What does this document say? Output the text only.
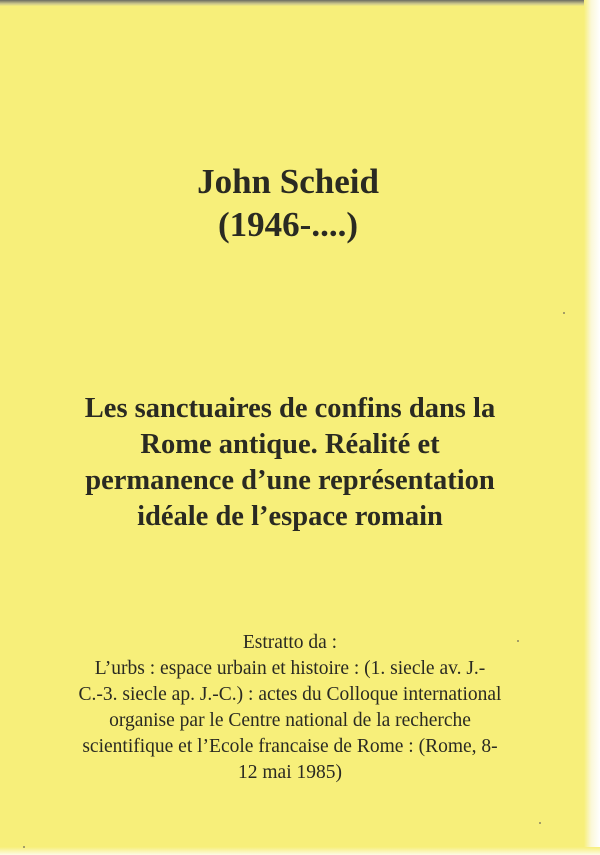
John Scheid
(1946-....)
Les sanctuaires de confins dans la
Rome antique. Réalité et
permanence d’une représentation
idéale de l’espace romain
Estratto da :
L’urbs : espace urbain et histoire : (1. siecle av. J.-
C.-3. siecle ap. J.-C.) : actes du Colloque international
organise par le Centre national de la recherche
scientifique et l’Ecole francaise de Rome : (Rome, 8-
12 mai 1985)
